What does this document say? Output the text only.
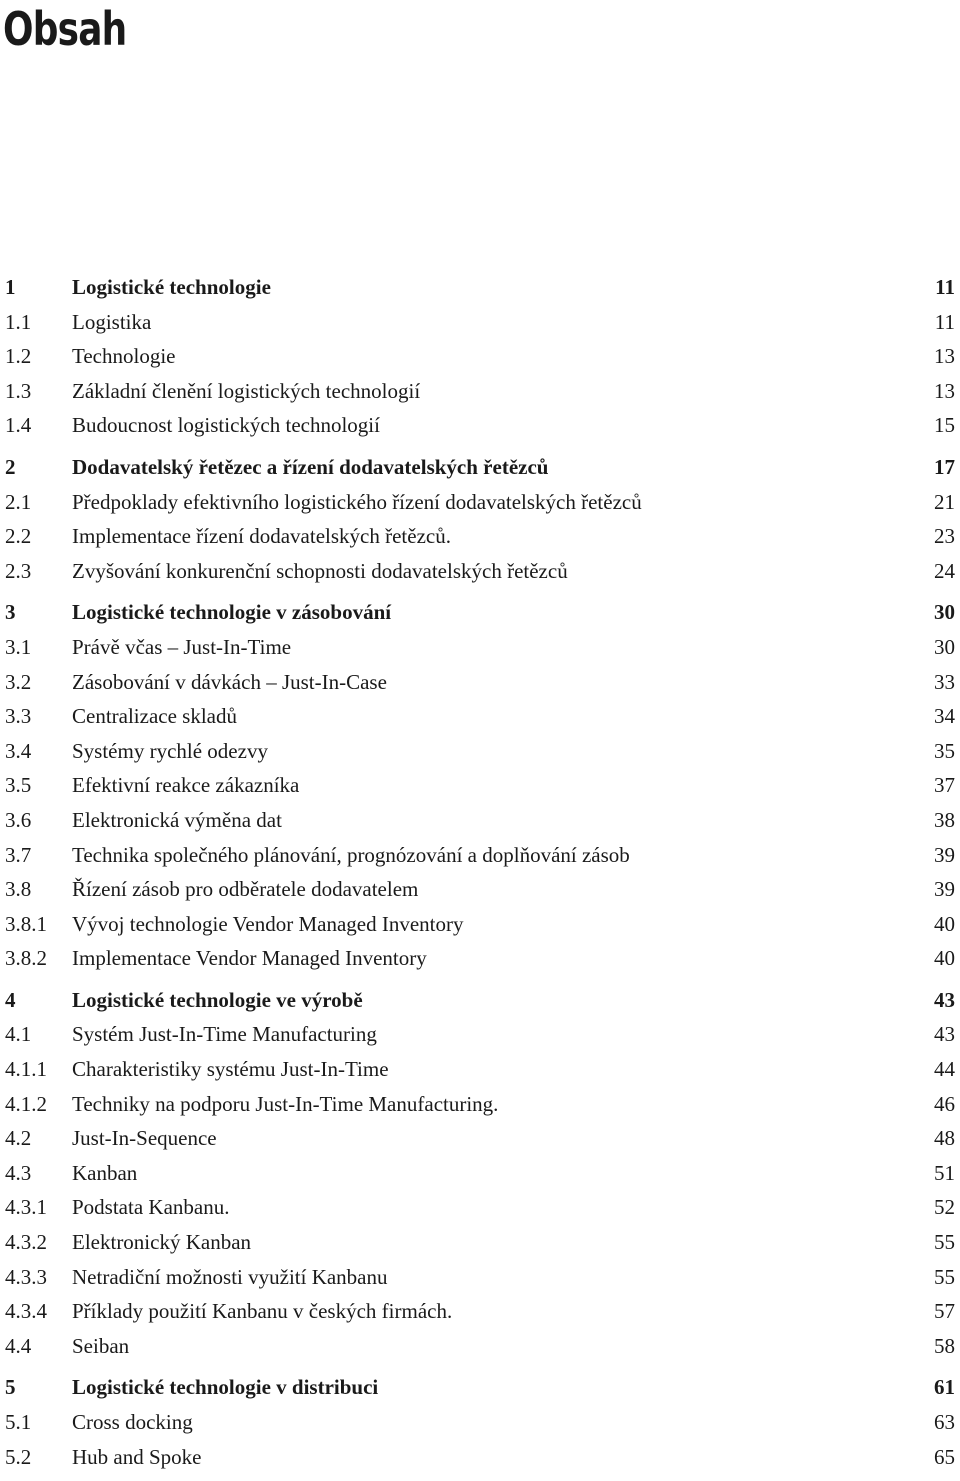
Obsah
1	Logistické technologie	11
1.1 Logistika	11
1.2 Technologie	13
1.3 Základní členění logistických technologií	13
1.4 Budoucnost logistických technologií	15
2	Dodavatelský řetězec a řízení dodavatelských řetězců	17
2.1 Předpoklady efektivního logistického řízení dodavatelských řetězců	21
2.2 Implementace řízení dodavatelských řetězců.	23
2.3 Zvyšování konkurenční schopnosti dodavatelských řetězců	24
3	Logistické technologie v zásobování	30
3.1 Právě včas – Just-In-Time	30
3.2 Zásobování v dávkách – Just-In-Case	33
3.3 Centralizace skladů	34
3.4 Systémy rychlé odezvy	35
3.5 Efektivní reakce zákazníka	37
3.6 Elektronická výměna dat	38
3.7 Technika společného plánování, prognózování a doplňování zásob	39
3.8 Řízení zásob pro odběratele dodavatelem	39
3.8.1 Vývoj technologie Vendor Managed Inventory	40
3.8.2 Implementace Vendor Managed Inventory	40
4	Logistické technologie ve výrobě	43
4.1 Systém Just-In-Time Manufacturing	43
4.1.1 Charakteristiky systému Just-In-Time	44
4.1.2 Techniky na podporu Just-In-Time Manufacturing.	46
4.2 Just-In-Sequence	48
4.3 Kanban	51
4.3.1 Podstata Kanbanu.	52
4.3.2 Elektronický Kanban	55
4.3.3 Netradiční možnosti využití Kanbanu	55
4.3.4 Příklady použití Kanbanu v českých firmách.	57
4.4 Seiban	58
5	Logistické technologie v distribuci	61
5.1 Cross docking	63
5.2 Hub and Spoke	65
